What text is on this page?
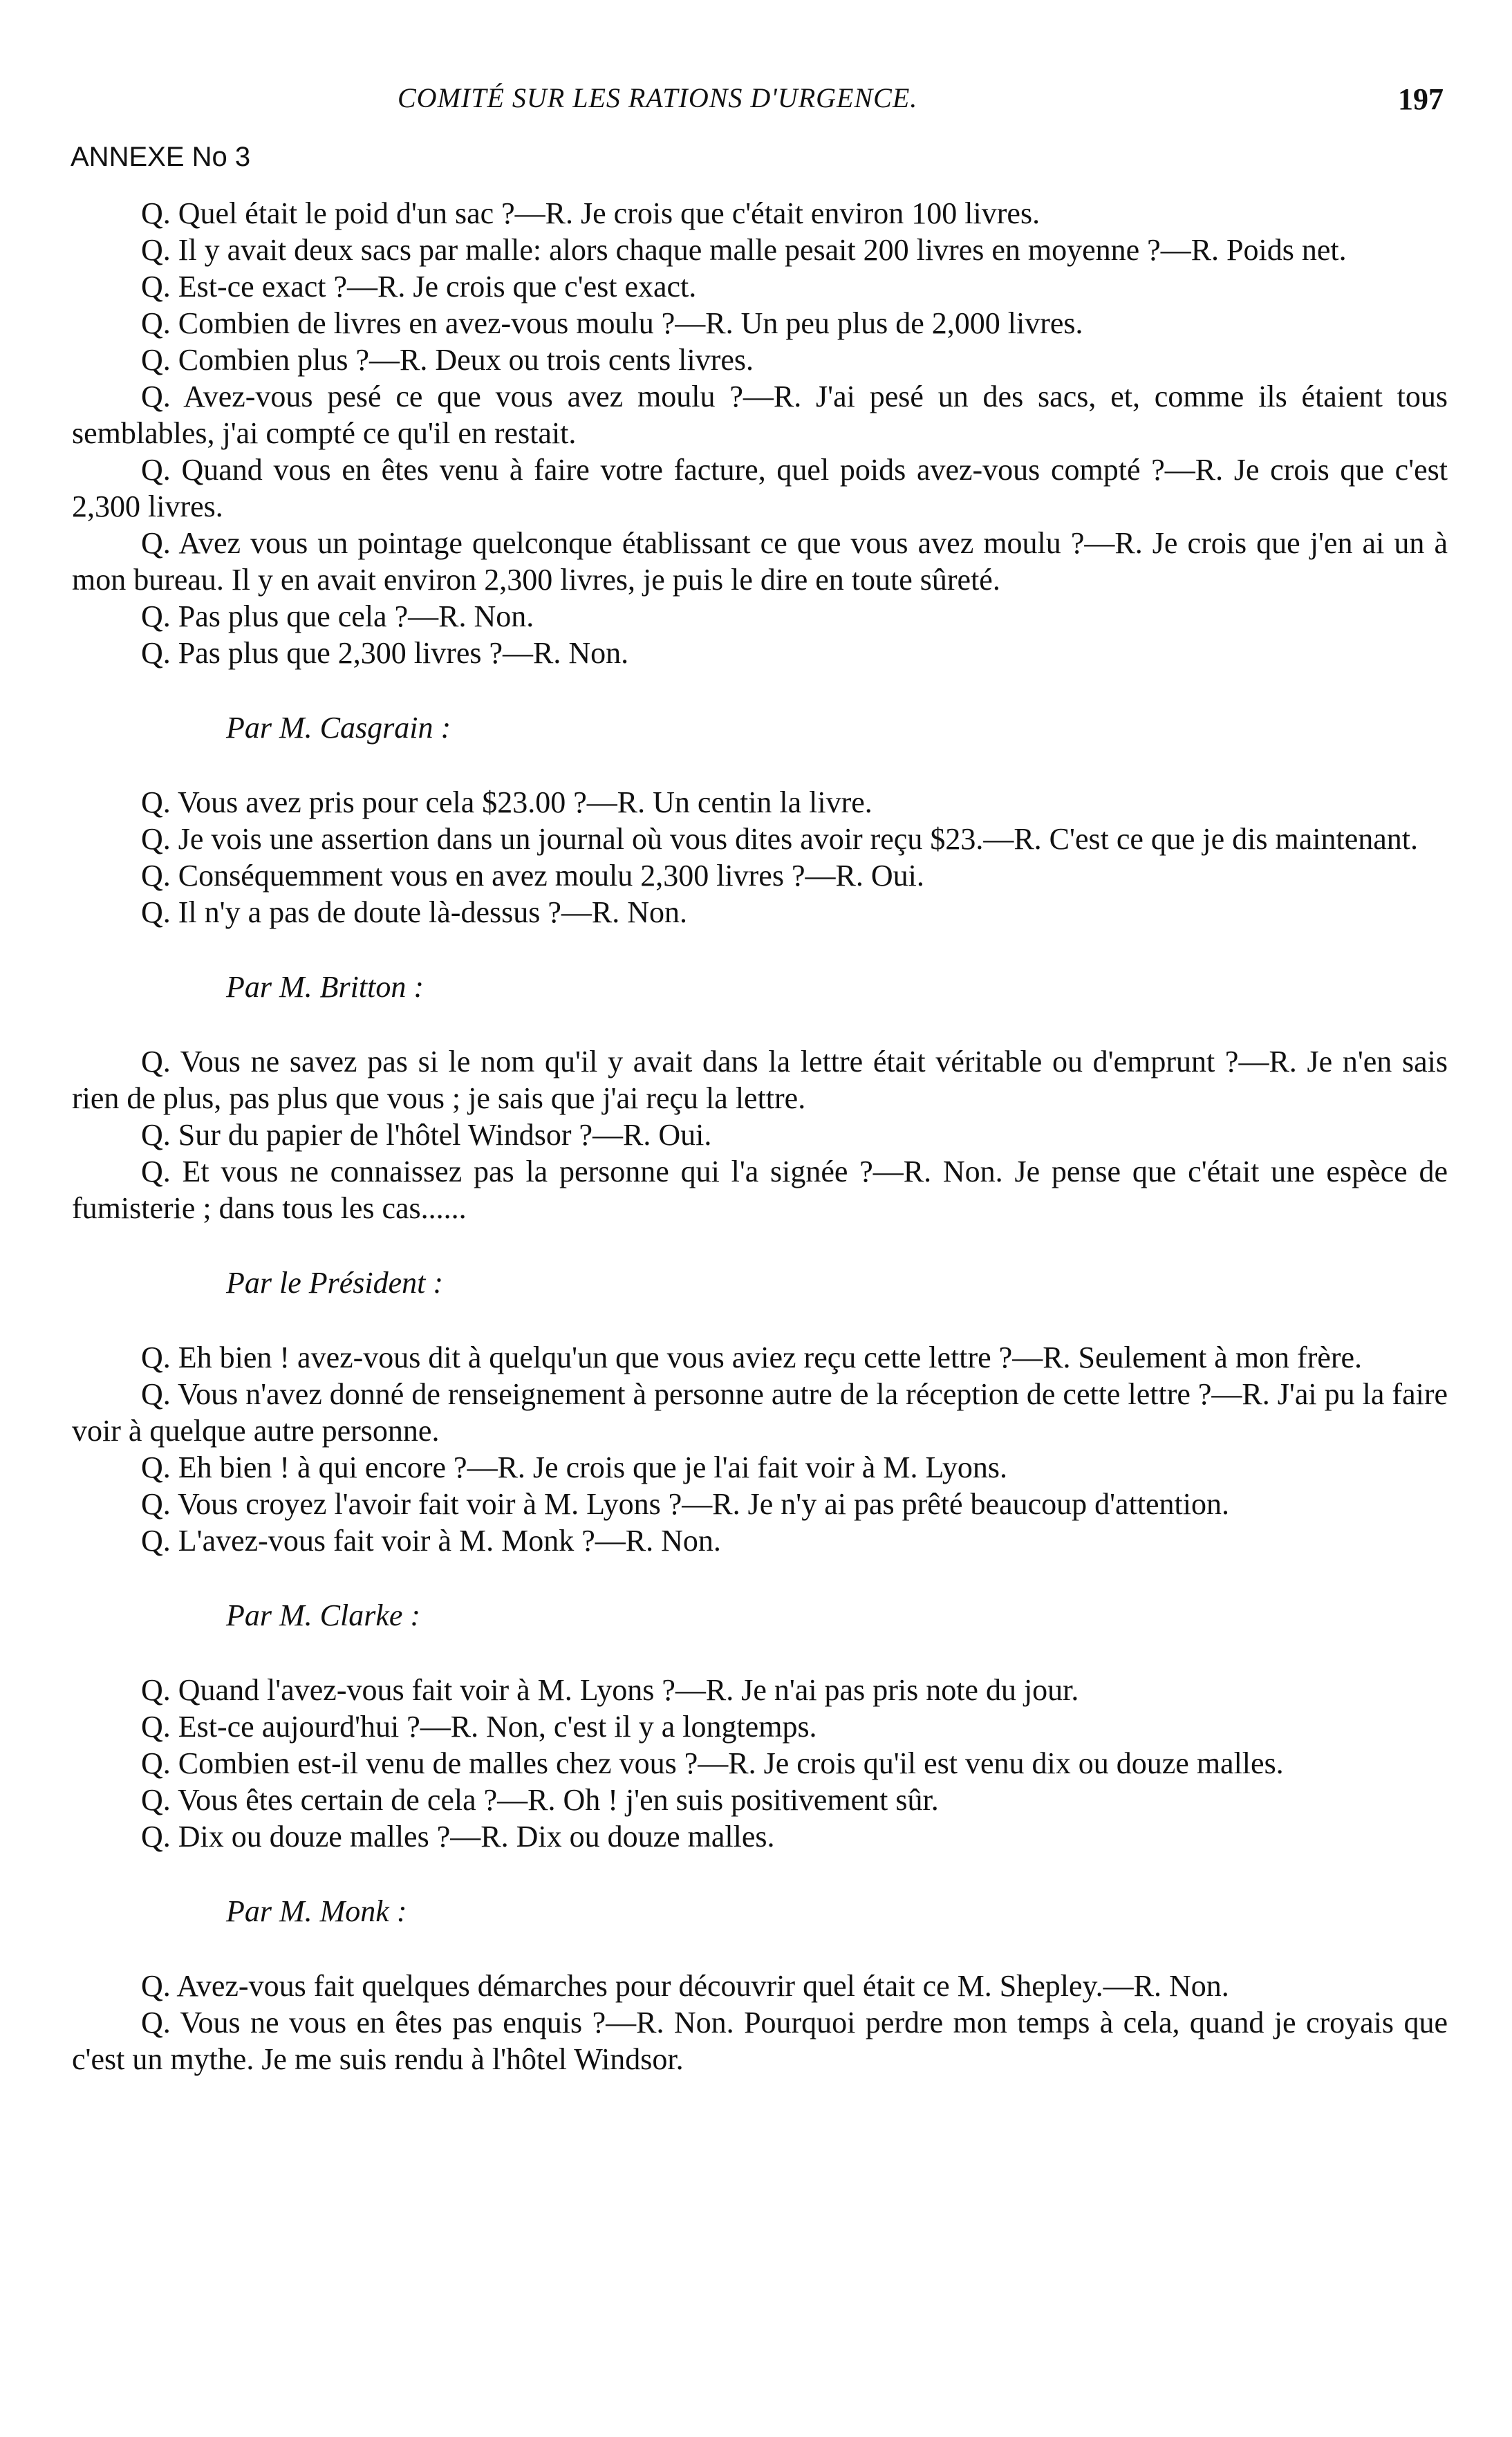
COMITÉ SUR LES RATIONS D'URGENCE.	197
ANNEXE No 3

Q. Quel était le poid d'un sac ?—R. Je crois que c'était environ 100 livres.

Q. Il y avait deux sacs par malle: alors chaque malle pesait 200 livres en moyenne ?—R. Poids net.

Q. Est-ce exact ?—R. Je crois que c'est exact.

Q. Combien de livres en avez-vous moulu ?—R. Un peu plus de 2,000 livres.

Q. Combien plus ?—R. Deux ou trois cents livres.

Q. Avez-vous pesé ce que vous avez moulu ?—R. J'ai pesé un des sacs, et, comme ils étaient tous semblables, j'ai compté ce qu'il en restait.

Q. Quand vous en êtes venu à faire votre facture, quel poids avez-vous compté ?—R. Je crois que c'est 2,300 livres.

Q. Avez vous un pointage quelconque établissant ce que vous avez moulu ?—R. Je crois que j'en ai un à mon bureau. Il y en avait environ 2,300 livres, je puis le dire en toute sûreté.

Q. Pas plus que cela ?—R. Non.

Q. Pas plus que 2,300 livres ?—R. Non.

Par M. Casgrain :

Q. Vous avez pris pour cela $23.00 ?—R. Un centin la livre.

Q. Je vois une assertion dans un journal où vous dites avoir reçu $23.—R. C'est ce que je dis maintenant.

Q. Conséquemment vous en avez moulu 2,300 livres ?—R. Oui.

Q. Il n'y a pas de doute là-dessus ?—R. Non.

Par M. Britton :

Q. Vous ne savez pas si le nom qu'il y avait dans la lettre était véritable ou d'emprunt ?—R. Je n'en sais rien de plus, pas plus que vous ; je sais que j'ai reçu la lettre.

Q. Sur du papier de l'hôtel Windsor ?—R. Oui.

Q. Et vous ne connaissez pas la personne qui l'a signée ?—R. Non. Je pense que c'était une espèce de fumisterie ; dans tous les cas......

Par le Président :

Q. Eh bien ! avez-vous dit à quelqu'un que vous aviez reçu cette lettre ?—R. Seulement à mon frère.

Q. Vous n'avez donné de renseignement à personne autre de la réception de cette lettre ?—R. J'ai pu la faire voir à quelque autre personne.

Q. Eh bien ! à qui encore ?—R. Je crois que je l'ai fait voir à M. Lyons.

Q. Vous croyez l'avoir fait voir à M. Lyons ?—R. Je n'y ai pas prêté beaucoup d'attention.

Q. L'avez-vous fait voir à M. Monk ?—R. Non.

Par M. Clarke :

Q. Quand l'avez-vous fait voir à M. Lyons ?—R. Je n'ai pas pris note du jour.

Q. Est-ce aujourd'hui ?—R. Non, c'est il y a longtemps.

Q. Combien est-il venu de malles chez vous ?—R. Je crois qu'il est venu dix ou douze malles.

Q. Vous êtes certain de cela ?—R. Oh ! j'en suis positivement sûr.

Q. Dix ou douze malles ?—R. Dix ou douze malles.

Par M. Monk :

Q. Avez-vous fait quelques démarches pour découvrir quel était ce M. Shepley.—R. Non.

Q. Vous ne vous en êtes pas enquis ?—R. Non. Pourquoi perdre mon temps à cela, quand je croyais que c'est un mythe. Je me suis rendu à l'hôtel Windsor.
